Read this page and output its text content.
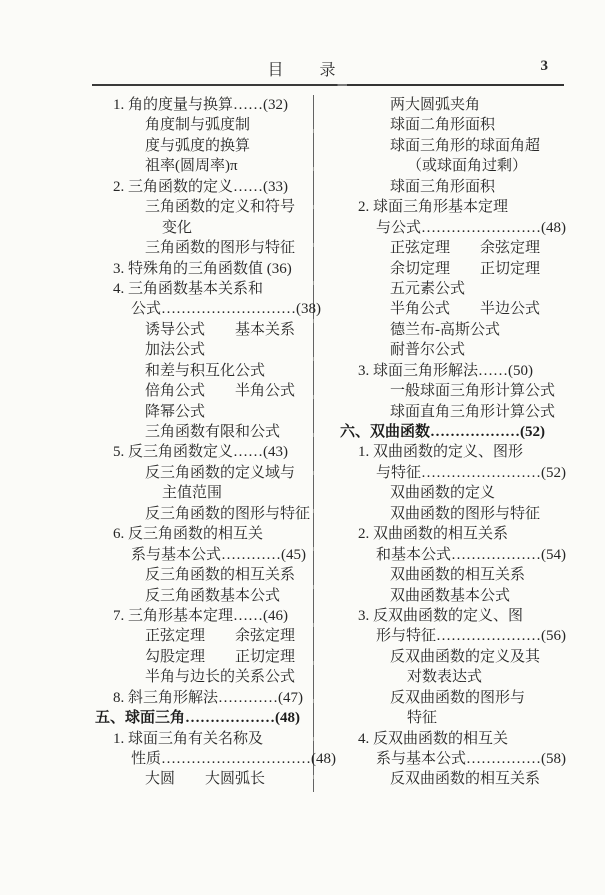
目　录	3
1. 角的度量与换算……(32)
角度制与弧度制
度与弧度的换算
祖率(圆周率)π
2. 三角函数的定义……(33)
三角函数的定义和符号
变化
三角函数的图形与特征
3. 特殊角的三角函数值 (36)
4. 三角函数基本关系和
公式………………………(38)
诱导公式　　基本关系
加法公式
和差与积互化公式
倍角公式　　半角公式
降幂公式
三角函数有限和公式
5. 反三角函数定义……(43)
反三角函数的定义域与
主值范围
反三角函数的图形与特征
6. 反三角函数的相互关
系与基本公式…………(45)
反三角函数的相互关系
反三角函数基本公式
7. 三角形基本定理……(46)
正弦定理　　余弦定理
勾股定理　　正切定理
半角与边长的关系公式
8. 斜三角形解法…………(47)
五、球面三角………………(48)
1. 球面三角有关名称及
性质…………………………(48)
大圆　　大圆弧长
两大圆弧夹角
球面二角形面积
球面三角形的球面角超
（或球面角过剩）
球面三角形面积
2. 球面三角形基本定理
与公式……………………(48)
正弦定理　　余弦定理
余切定理　　正切定理
五元素公式
半角公式　　半边公式
德兰布-高斯公式
耐普尔公式
3. 球面三角形解法……(50)
一般球面三角形计算公式
球面直角三角形计算公式
六、双曲函数………………(52)
1. 双曲函数的定义、图形
与特征……………………(52)
双曲函数的定义
双曲函数的图形与特征
2. 双曲函数的相互关系
和基本公式………………(54)
双曲函数的相互关系
双曲函数基本公式
3. 反双曲函数的定义、图
形与特征…………………(56)
反双曲函数的定义及其
对数表达式
反双曲函数的图形与
特征
4. 反双曲函数的相互关
系与基本公式……………(58)
反双曲函数的相互关系
